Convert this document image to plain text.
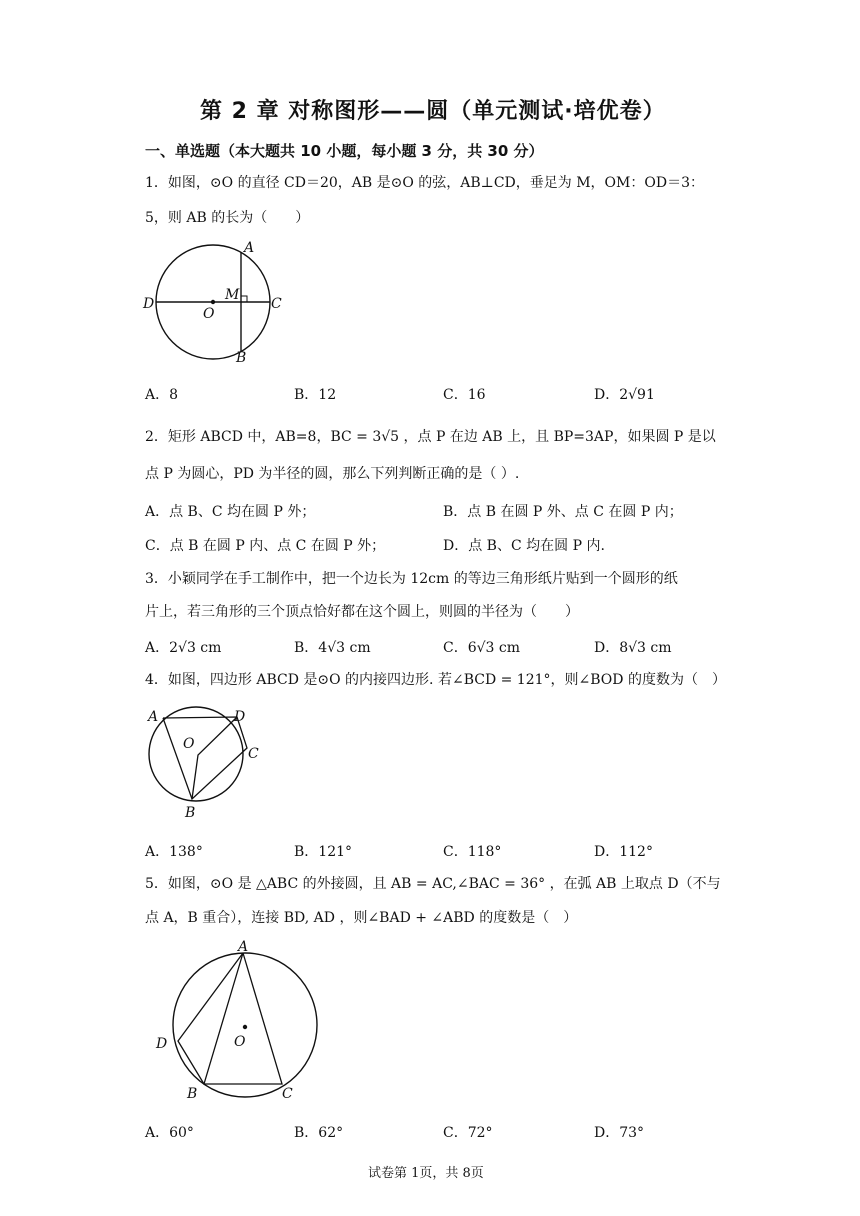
第 2 章 对称图形——圆（单元测试·培优卷）
一、单选题（本大题共 10 小题，每小题 3 分，共 30 分）
1．如图，⊙O 的直径 CD＝20，AB 是⊙O 的弦，AB⊥CD，垂足为 M，OM：OD＝3：
5，则 AB 的长为（　　）
A
B
C
D
O
M
A．8	B．12	C．16	D．2√91
2．矩形 ABCD 中，AB=8，BC = 3√5 ，点 P 在边 AB 上，且 BP=3AP，如果圆 P 是以
点 P 为圆心，PD 为半径的圆，那么下列判断正确的是（ ）.
A．点 B、C 均在圆 P 外；	B．点 B 在圆 P 外、点 C 在圆 P 内；
C．点 B 在圆 P 内、点 C 在圆 P 外；	D．点 B、C 均在圆 P 内.
3．小颖同学在手工制作中，把一个边长为 12cm 的等边三角形纸片贴到一个圆形的纸
片上，若三角形的三个顶点恰好都在这个圆上，则圆的半径为（　　）
A．2√3 cm	B．4√3 cm	C．6√3 cm	D．8√3 cm
4．如图，四边形 ABCD 是⊙O 的内接四边形. 若∠BCD = 121°，则∠BOD 的度数为（　）
A	D
C
O
B
A．138°	B．121°	C．118°	D．112°
5．如图，⊙O 是 △ABC 的外接圆，且 AB = AC,∠BAC = 36° ，在弧 AB 上取点 D（不与
点 A，B 重合），连接 BD, AD ，则∠BAD + ∠ABD 的度数是（　）
A
D	O
B	C
A．60°	B．62°	C．72°	D．73°
试卷第 1页，共 8页
